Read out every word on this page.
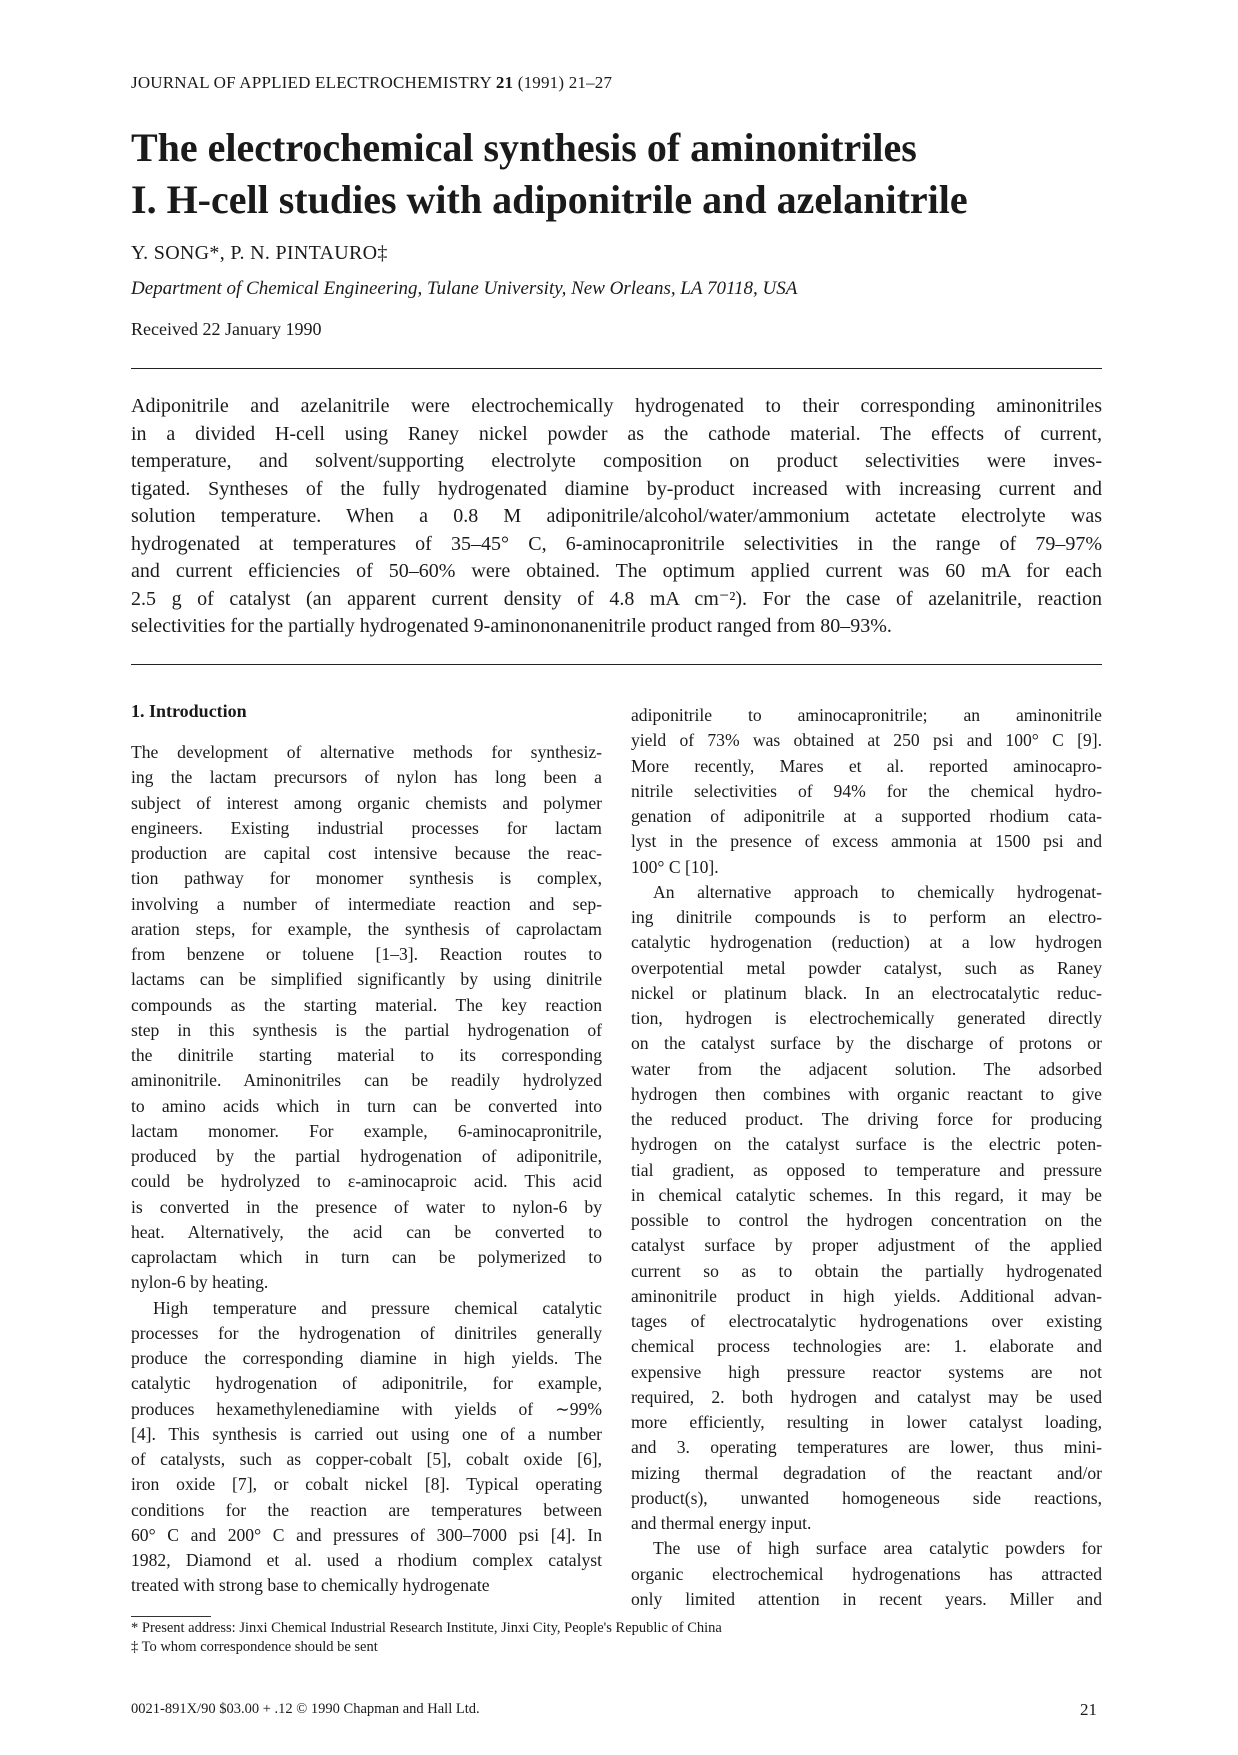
JOURNAL OF APPLIED ELECTROCHEMISTRY 21 (1991) 21–27
The electrochemical synthesis of aminonitriles
I. H-cell studies with adiponitrile and azelanitrile
Y. SONG*, P. N. PINTAURO‡
Department of Chemical Engineering, Tulane University, New Orleans, LA 70118, USA
Received 22 January 1990
Adiponitrile and azelanitrile were electrochemically hydrogenated to their corresponding aminonitriles
in a divided H-cell using Raney nickel powder as the cathode material. The effects of current,
temperature, and solvent/supporting electrolyte composition on product selectivities were inves-
tigated. Syntheses of the fully hydrogenated diamine by-product increased with increasing current and
solution temperature. When a 0.8 M adiponitrile/alcohol/water/ammonium actetate electrolyte was
hydrogenated at temperatures of 35–45° C, 6-aminocapronitrile selectivities in the range of 79–97%
and current efficiencies of 50–60% were obtained. The optimum applied current was 60 mA for each
2.5 g of catalyst (an apparent current density of 4.8 mA cm⁻²). For the case of azelanitrile, reaction
selectivities for the partially hydrogenated 9-aminononanenitrile product ranged from 80–93%.
1. Introduction
The development of alternative methods for synthesiz-
ing the lactam precursors of nylon has long been a
subject of interest among organic chemists and polymer
engineers. Existing industrial processes for lactam
production are capital cost intensive because the reac-
tion pathway for monomer synthesis is complex,
involving a number of intermediate reaction and sep-
aration steps, for example, the synthesis of caprolactam
from benzene or toluene [1–3]. Reaction routes to
lactams can be simplified significantly by using dinitrile
compounds as the starting material. The key reaction
step in this synthesis is the partial hydrogenation of
the dinitrile starting material to its corresponding
aminonitrile. Aminonitriles can be readily hydrolyzed
to amino acids which in turn can be converted into
lactam monomer. For example, 6-aminocapronitrile,
produced by the partial hydrogenation of adiponitrile,
could be hydrolyzed to ε-aminocaproic acid. This acid
is converted in the presence of water to nylon-6 by
heat. Alternatively, the acid can be converted to
caprolactam which in turn can be polymerized to
nylon-6 by heating.
High temperature and pressure chemical catalytic
processes for the hydrogenation of dinitriles generally
produce the corresponding diamine in high yields. The
catalytic hydrogenation of adiponitrile, for example,
produces hexamethylenediamine with yields of ∼99%
[4]. This synthesis is carried out using one of a number
of catalysts, such as copper-cobalt [5], cobalt oxide [6],
iron oxide [7], or cobalt nickel [8]. Typical operating
conditions for the reaction are temperatures between
60° C and 200° C and pressures of 300–7000 psi [4]. In
1982, Diamond et al. used a rhodium complex catalyst
treated with strong base to chemically hydrogenate
adiponitrile to aminocapronitrile; an aminonitrile
yield of 73% was obtained at 250 psi and 100° C [9].
More recently, Mares et al. reported aminocapro-
nitrile selectivities of 94% for the chemical hydro-
genation of adiponitrile at a supported rhodium cata-
lyst in the presence of excess ammonia at 1500 psi and
100° C [10].
An alternative approach to chemically hydrogenat-
ing dinitrile compounds is to perform an electro-
catalytic hydrogenation (reduction) at a low hydrogen
overpotential metal powder catalyst, such as Raney
nickel or platinum black. In an electrocatalytic reduc-
tion, hydrogen is electrochemically generated directly
on the catalyst surface by the discharge of protons or
water from the adjacent solution. The adsorbed
hydrogen then combines with organic reactant to give
the reduced product. The driving force for producing
hydrogen on the catalyst surface is the electric poten-
tial gradient, as opposed to temperature and pressure
in chemical catalytic schemes. In this regard, it may be
possible to control the hydrogen concentration on the
catalyst surface by proper adjustment of the applied
current so as to obtain the partially hydrogenated
aminonitrile product in high yields. Additional advan-
tages of electrocatalytic hydrogenations over existing
chemical process technologies are: 1. elaborate and
expensive high pressure reactor systems are not
required, 2. both hydrogen and catalyst may be used
more efficiently, resulting in lower catalyst loading,
and 3. operating temperatures are lower, thus mini-
mizing thermal degradation of the reactant and/or
product(s), unwanted homogeneous side reactions,
and thermal energy input.
The use of high surface area catalytic powders for
organic electrochemical hydrogenations has attracted
only limited attention in recent years. Miller and
* Present address: Jinxi Chemical Industrial Research Institute, Jinxi City, People's Republic of China
‡ To whom correspondence should be sent
0021-891X/90 $03.00 + .12 © 1990 Chapman and Hall Ltd.	21
